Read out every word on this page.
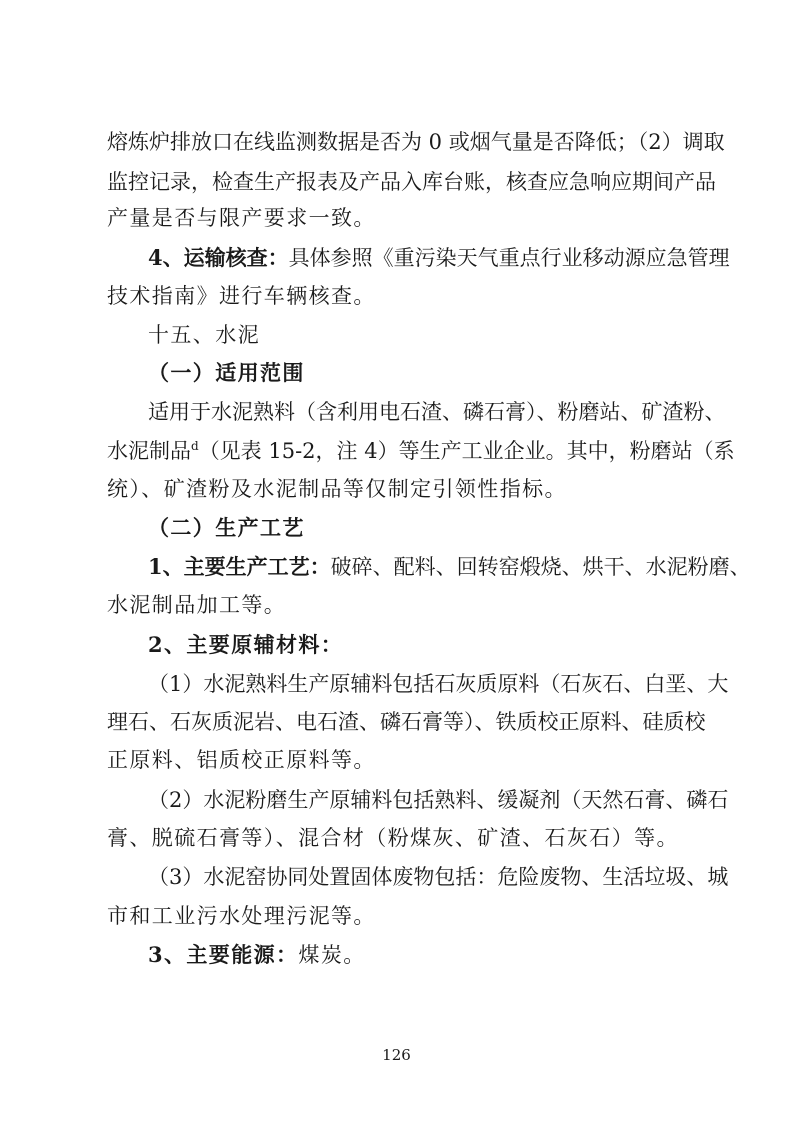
熔炼炉排放口在线监测数据是否为 0 或烟气量是否降低；（2）调取
监控记录，检查生产报表及产品入库台账，核查应急响应期间产品
产量是否与限产要求一致。
4、运输核查：具体参照《重污染天气重点行业移动源应急管理
技术指南》进行车辆核查。
十五、水泥
（一）适用范围
适用于水泥熟料（含利用电石渣、磷石膏）、粉磨站、矿渣粉、
水泥制品$^d$（见表 15-2，注 4）等生产工业企业。其中，粉磨站（系
统）、矿渣粉及水泥制品等仅制定引领性指标。
（二）生产工艺
1、主要生产工艺：破碎、配料、回转窑煅烧、烘干、水泥粉磨、
水泥制品加工等。
2、主要原辅材料：
（1）水泥熟料生产原辅料包括石灰质原料（石灰石、白垩、大
理石、石灰质泥岩、电石渣、磷石膏等）、铁质校正原料、硅质校
正原料、铝质校正原料等。
（2）水泥粉磨生产原辅料包括熟料、缓凝剂（天然石膏、磷石
膏、脱硫石膏等）、混合材（粉煤灰、矿渣、石灰石）等。
（3）水泥窑协同处置固体废物包括：危险废物、生活垃圾、城
市和工业污水处理污泥等。
3、主要能源：煤炭。
126
